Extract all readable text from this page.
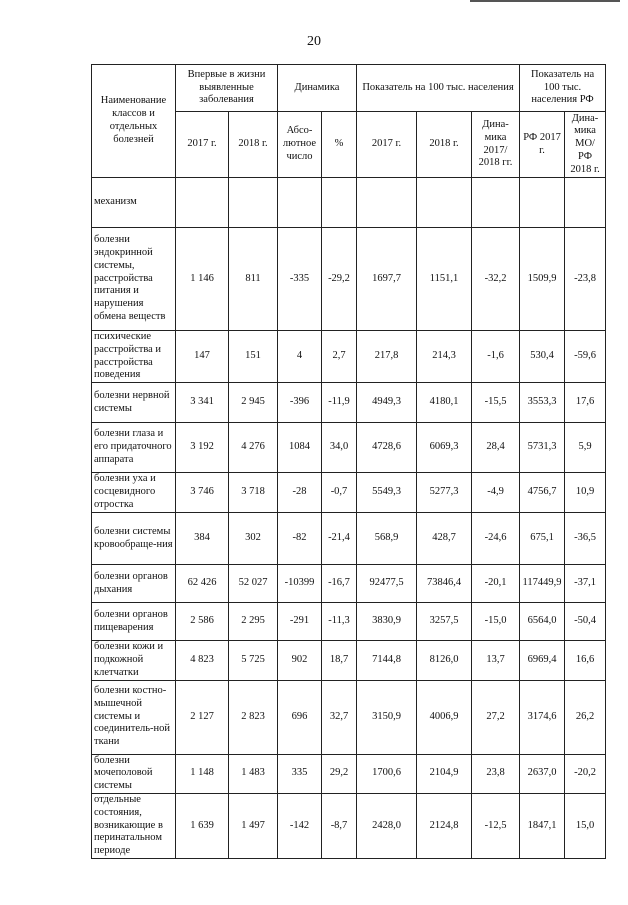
20
Наименование классов и отдельных болезней	Впервые в жизни выявленные заболевания		Динамика		Показатель на 100 тыс. населения			Показатель на 100 тыс. населения РФ	
	2017 г.	2018 г.	Абсо-лютное число	%	2017 г.	2018 г.	Дина-мика 2017/ 2018 гг.	РФ 2017 г.	Дина-мика МО/ РФ 2018 г.
механизм									
болезни эндокринной системы, расстройства питания и нарушения обмена веществ	1 146	811	-335	-29,2	1697,7	1151,1	-32,2	1509,9	-23,8
психические расстройства и расстройства поведения	147	151	4	2,7	217,8	214,3	-1,6	530,4	-59,6
болезни нервной системы	3 341	2 945	-396	-11,9	4949,3	4180,1	-15,5	3553,3	17,6
болезни глаза и его придаточного аппарата	3 192	4 276	1084	34,0	4728,6	6069,3	28,4	5731,3	5,9
болезни уха и сосцевидного отростка	3 746	3 718	-28	-0,7	5549,3	5277,3	-4,9	4756,7	10,9
болезни системы кровообраще-ния	384	302	-82	-21,4	568,9	428,7	-24,6	675,1	-36,5
болезни органов дыхания	62 426	52 027	-10399	-16,7	92477,5	73846,4	-20,1	117449,9	-37,1
болезни органов пищеварения	2 586	2 295	-291	-11,3	3830,9	3257,5	-15,0	6564,0	-50,4
болезни кожи и подкожной клетчатки	4 823	5 725	902	18,7	7144,8	8126,0	13,7	6969,4	16,6
болезни костно-мышечной системы и соединитель-ной ткани	2 127	2 823	696	32,7	3150,9	4006,9	27,2	3174,6	26,2
болезни мочеполовой системы	1 148	1 483	335	29,2	1700,6	2104,9	23,8	2637,0	-20,2
отдельные состояния, возникающие в перинатальном периоде	1 639	1 497	-142	-8,7	2428,0	2124,8	-12,5	1847,1	15,0
